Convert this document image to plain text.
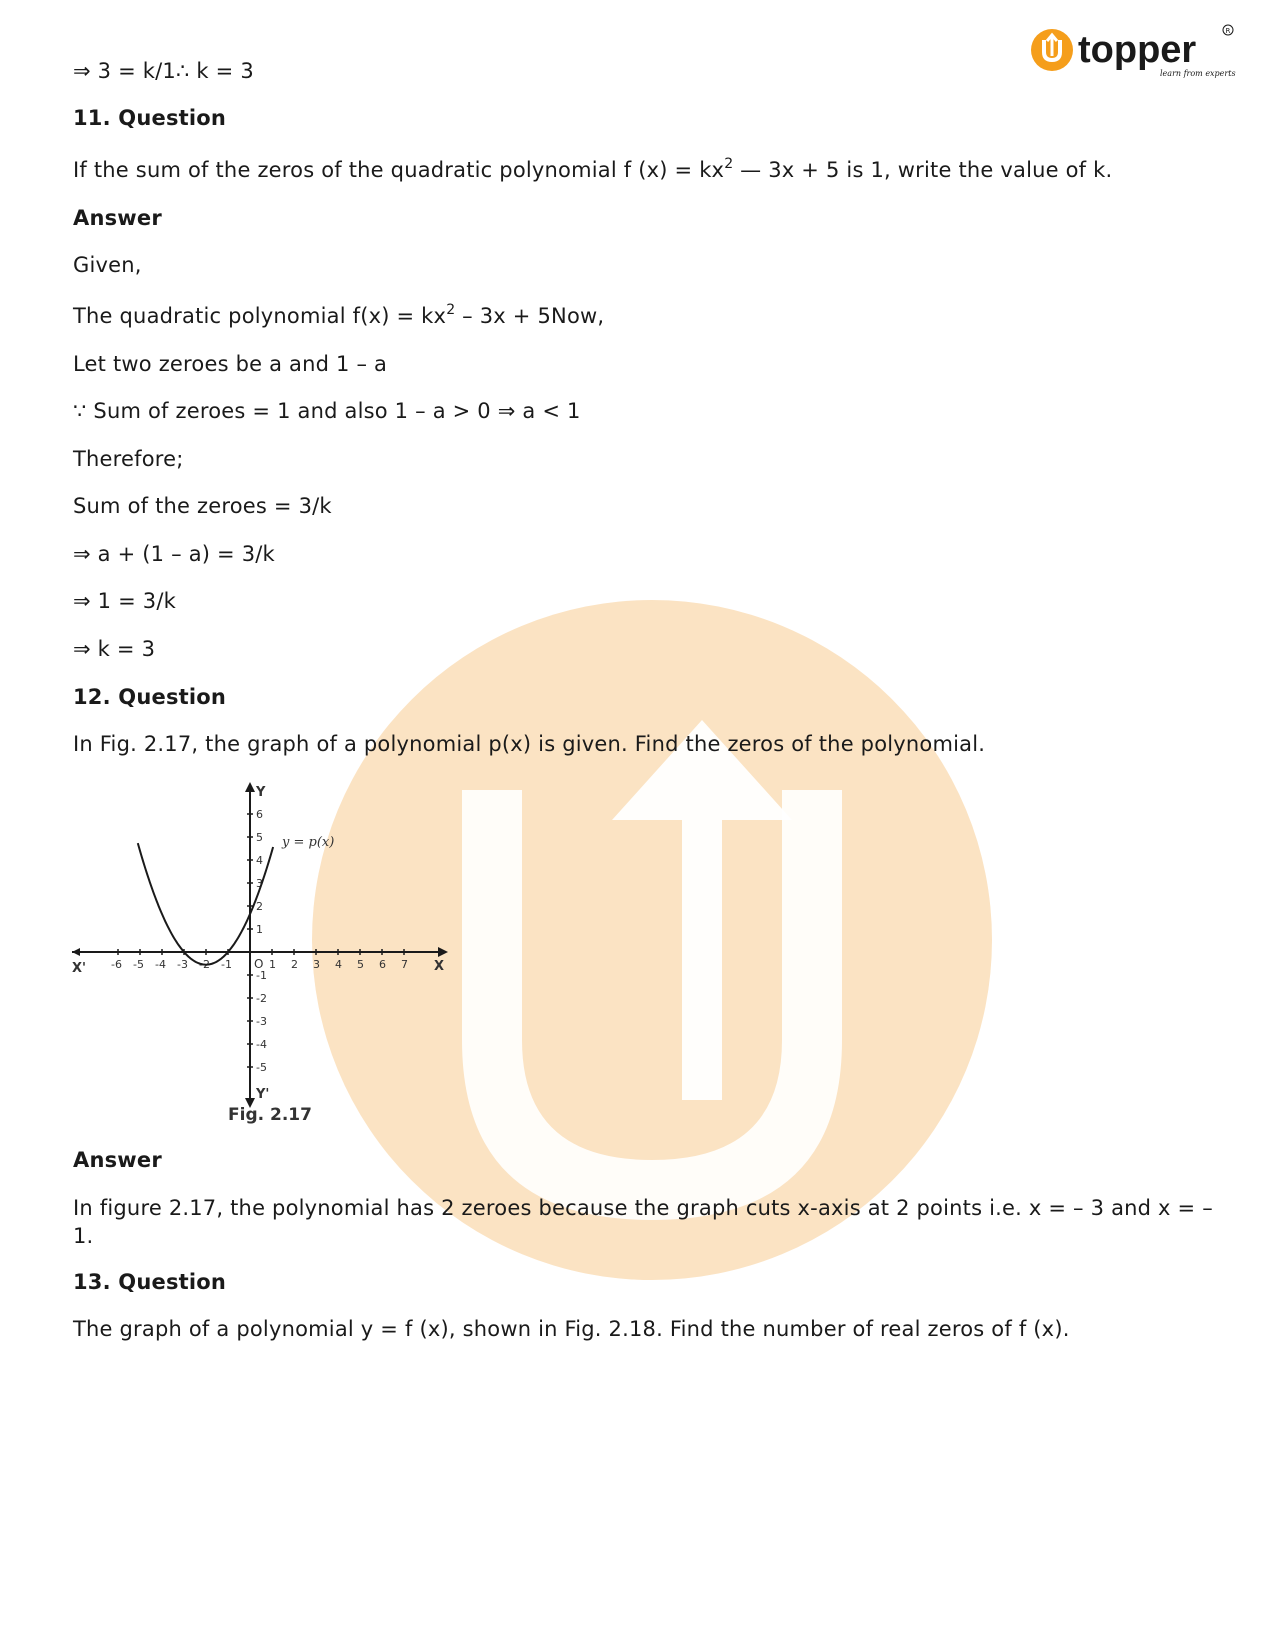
topper
learn from experts
R
⇒ 3 = k/1∴ k = 3
11. Question
If the sum of the zeros of the quadratic polynomial f $(x) = kx^2$ — 3x + 5 is 1, write the value of k.
Answer
Given,
The quadratic polynomial $f(x) = kx^2 - 3x + 5Now$,
Let two zeroes be a and 1 – a
∵ Sum of zeroes = 1 and also 1 – a > 0 ⇒ a < 1
Therefore;
Sum of the zeroes = 3/k
⇒ a + (1 – a) = 3/k
⇒ 1 = 3/k
⇒ k = 3
12. Question
In Fig. 2.17, the graph of a polynomial p(x) is given. Find the zeros of the polynomial.
Answer
In figure 2.17, the polynomial has 2 zeroes because the graph cuts x-axis at 2 points i.e. x = – 3 and x = – 1.
13. Question
The graph of a polynomial y = f (x), shown in Fig. 2.18. Find the number of real zeros of f (x).
X
X'
Y
Y'
O
-6 -5 -4 -3 -2 -1	1 2 3 4 5 6 7
-5
-4
-3
-2
-1
1
2
3
4
5
6
y = p(x)
Fig. 2.17
